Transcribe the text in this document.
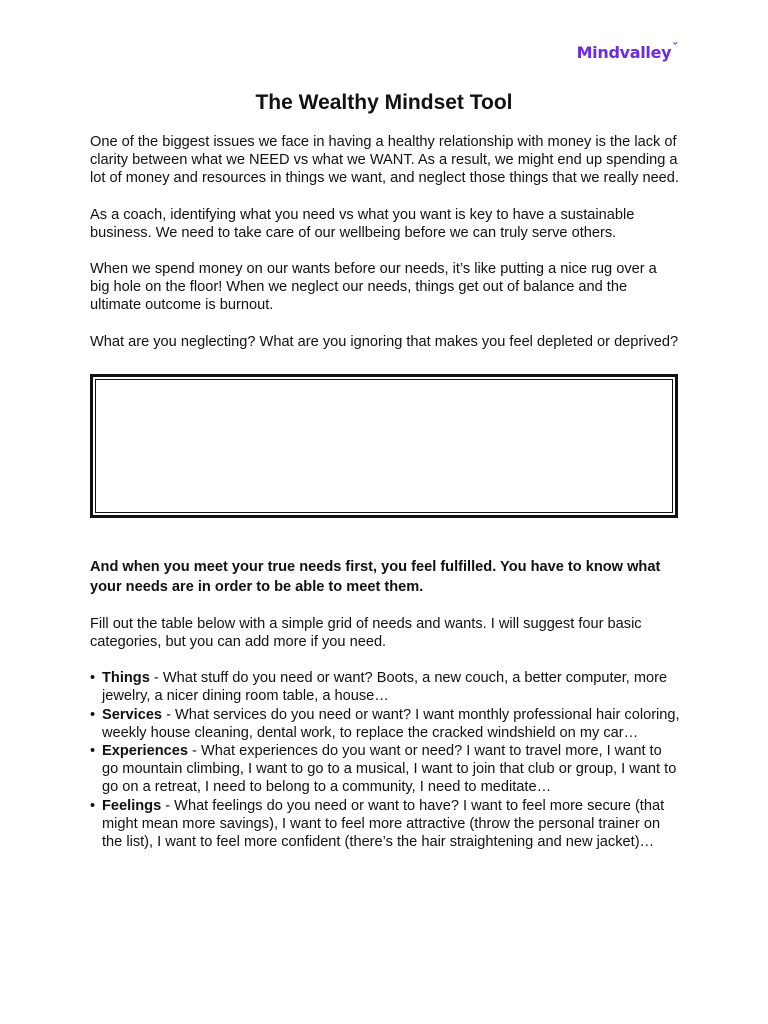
Mindvalleyˇ
The Wealthy Mindset Tool

One of the biggest issues we face in having a healthy relationship with money is the lack of clarity between what we NEED vs what we WANT. As a result, we might end up spending a lot of money and resources in things we want, and neglect those things that we really need.

As a coach, identifying what you need vs what you want is key to have a sustainable business. We need to take care of our wellbeing before we can truly serve others.

When we spend money on our wants before our needs, it’s like putting a nice rug over a big hole on the floor! When we neglect our needs, things get out of balance and the ultimate outcome is burnout.

What are you neglecting? What are you ignoring that makes you feel depleted or deprived?

And when you meet your true needs first, you feel fulfilled. You have to know what your needs are in order to be able to meet them.

Fill out the table below with a simple grid of needs and wants. I will suggest four basic categories, but you can add more if you need.

• Things - What stuff do you need or want? Boots, a new couch, a better computer, more jewelry, a nicer dining room table, a house…
• Services - What services do you need or want? I want monthly professional hair coloring, weekly house cleaning, dental work, to replace the cracked windshield on my car…
• Experiences - What experiences do you want or need? I want to travel more, I want to go mountain climbing, I want to go to a musical, I want to join that club or group, I want to go on a retreat, I need to belong to a community, I need to meditate…
• Feelings - What feelings do you need or want to have? I want to feel more secure (that might mean more savings), I want to feel more attractive (throw the personal trainer on the list), I want to feel more confident (there’s the hair straightening and new jacket)…
